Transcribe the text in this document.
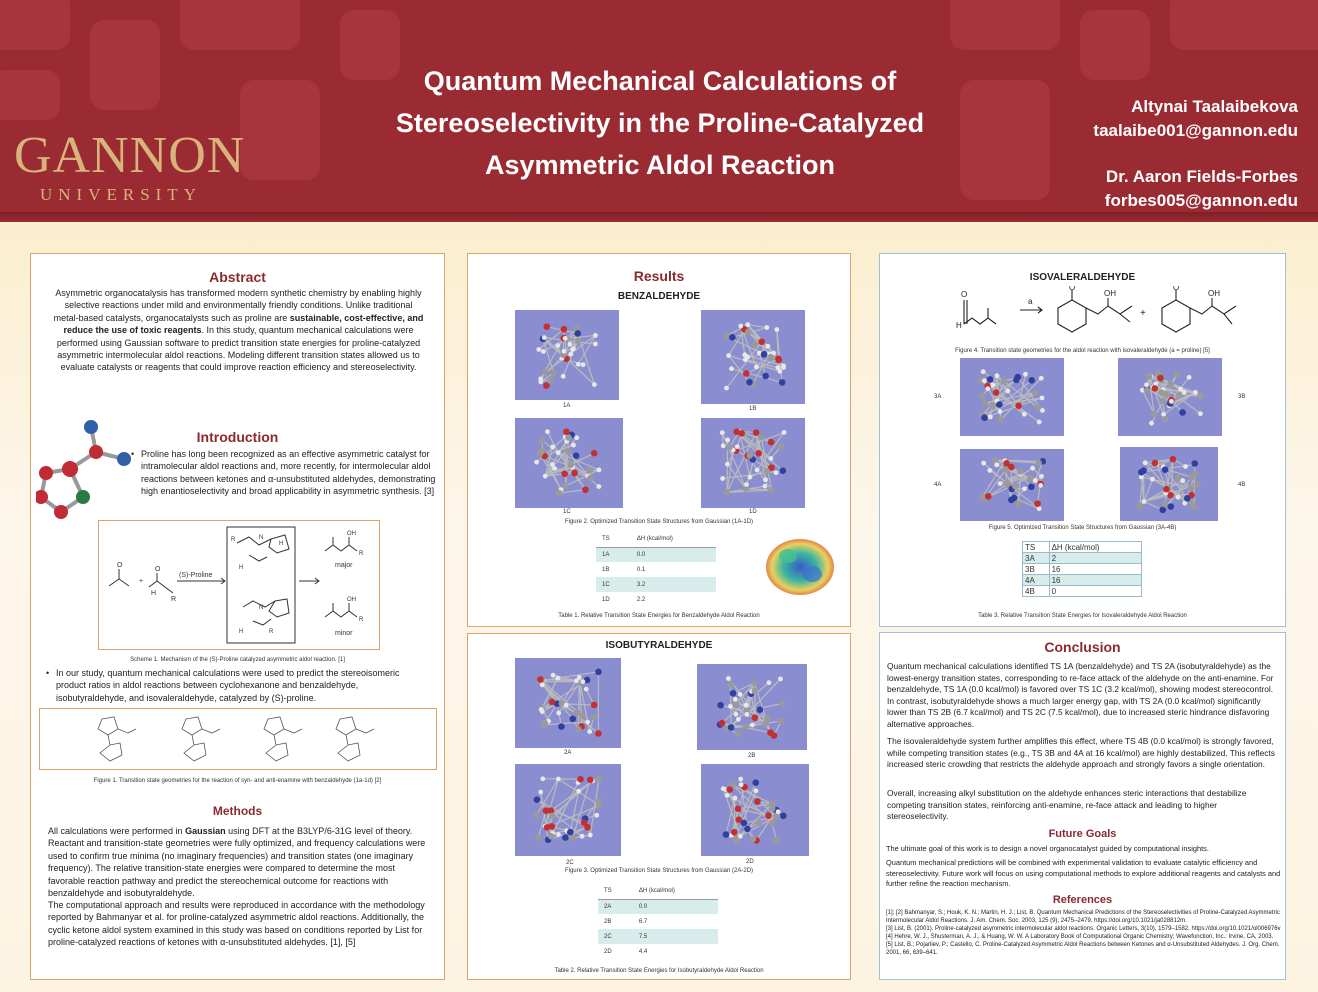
GANNON
UNIVERSITY
Quantum Mechanical Calculations of
Stereoselectivity in the Proline-Catalyzed
Asymmetric Aldol Reaction
Altynai Taalaibekova
taalaibe001@gannon.edu
Dr. Aaron Fields-Forbes
forbes005@gannon.edu
Abstract
Asymmetric organocatalysis has transformed modern synthetic chemistry by enabling highly selective reactions under mild and environmentally friendly conditions. Unlike traditional metal-based catalysts, organocatalysts such as proline are sustainable, cost-effective, and reduce the use of toxic reagents. In this study, quantum mechanical calculations were performed using Gaussian software to predict transition state energies for proline-catalyzed asymmetric intermolecular aldol reactions. Modeling different transition states allowed us to evaluate catalysts or reagents that could improve reaction efficiency and stereoselectivity.
Introduction
• Proline has long been recognized as an effective asymmetric catalyst for intramolecular aldol reactions and, more recently, for intermolecular aldol reactions between ketones and α-unsubstituted aldehydes, demonstrating high enantioselectivity and broad applicability in asymmetric synthesis. [3]
O
+
O
H
R
(S)-Proline
R	N
H
H
N
H	R
OH
R
major
OH
R
minor
Scheme 1. Mechanism of the (S)-Proline catalyzed asymmetric aldol reaction. [1]
• In our study, quantum mechanical calculations were used to predict the stereoisomeric product ratios in aldol reactions between cyclohexanone and benzaldehyde, isobutyraldehyde, and isovaleraldehyde, catalyzed by (S)-proline.
Figure 1. Transition state geometries for the reaction of syn- and anti-enamine with benzaldehyde (1a-1d) [2]
Methods
All calculations were performed in Gaussian using DFT at the B3LYP/6-31G level of theory. Reactant and transition-state geometries were fully optimized, and frequency calculations were used to confirm true minima (no imaginary frequencies) and transition states (one imaginary frequency). The relative transition-state energies were compared to determine the most favorable reaction pathway and predict the stereochemical outcome for reactions with benzaldehyde and isobutyraldehyde.
The computational approach and results were reproduced in accordance with the methodology reported by Bahmanyar et al. for proline-catalyzed asymmetric aldol reactions. Additionally, the cyclic ketone aldol system examined in this study was based on conditions reported by List for proline-catalyzed reactions of ketones with α-unsubstituted aldehydes. [1], [5]
Results
BENZALDEHYDE
1A	1B
1C	1D
Figure 2. Optimized Transition State Structures from Gaussian (1A-1D)
TS	ΔH (kcal/mol)
1A	0.0
1B	0.1
1C	3.2
1D	2.2
Table 1. Relative Transition State Energies for Benzaldehyde Aldol Reaction
ISOBUTYRALDEHYDE
2A	2B
2C	2D
Figure 3. Optimized Transition State Structures from Gaussian (2A-2D)
TS	ΔH (kcal/mol)
2A	0.0
2B	6.7
2C	7.5
2D	4.4
Table 2. Relative Transition State Energies for Isobutyraldehyde Aldol Reaction
ISOVALERALDEHYDE
O
H
a
O
OH
+
O
OH
Figure 4. Transition state geometries for the aldol reaction with isovaleraldehyde (a = proline) [5]
3A	3B
4A	4B
Figure 5. Optimized Transition State Structures from Gaussian (3A-4B)
TS	ΔH (kcal/mol)
3A	2
3B	16
4A	16
4B	0
Table 3. Relative Transition State Energies for Isovaleraldehyde Aldol Reaction
Conclusion
Quantum mechanical calculations identified TS 1A (benzaldehyde) and TS 2A (isobutyraldehyde) as the lowest-energy transition states, corresponding to re-face attack of the aldehyde on the anti-enamine. For benzaldehyde, TS 1A (0.0 kcal/mol) is favored over TS 1C (3.2 kcal/mol), showing modest stereocontrol. In contrast, isobutyraldehyde shows a much larger energy gap, with TS 2A (0.0 kcal/mol) significantly lower than TS 2B (6.7 kcal/mol) and TS 2C (7.5 kcal/mol), due to increased steric hindrance disfavoring alternative approaches.
The isovaleraldehyde system further amplifies this effect, where TS 4B (0.0 kcal/mol) is strongly favored, while competing transition states (e.g., TS 3B and 4A at 16 kcal/mol) are highly destabilized. This reflects increased steric crowding that restricts the aldehyde approach and strongly favors a single orientation.
Overall, increasing alkyl substitution on the aldehyde enhances steric interactions that destabilize competing transition states, reinforcing anti-enamine, re-face attack and leading to higher stereoselectivity.
Future Goals
The ultimate goal of this work is to design a novel organocatalyst guided by computational insights.
Quantum mechanical predictions will be combined with experimental validation to evaluate catalytic efficiency and stereoselectivity. Future work will focus on using computational methods to explore additional reagents and catalysts and further refine the reaction mechanism.
References
[1]; [2] Bahmanyar, S.; Houk, K. N.; Martin, H. J.; List, B. Quantum Mechanical Predictions of the Stereoselectivities of Proline-Catalyzed Asymmetric Intermolecular Aldol Reactions. J. Am. Chem. Soc. 2003, 125 (9), 2475–2479. https://doi.org/10.1021/ja028812m.
[3] List, B. (2001). Proline-catalyzed asymmetric intermolecular aldol reactions. Organic Letters, 3(10), 1579–1582. https://doi.org/10.1021/ol006976v
[4] Hehre, W. J., Shusterman, A. J., & Huang, W. W. A Laboratory Book of Computational Organic Chemistry; Wavefunction, Inc.: Irvine, CA, 2003.
[5] List, B.; Pojarliev, P.; Castello, C. Proline-Catalyzed Asymmetric Aldol Reactions between Ketones and α-Unsubstituted Aldehydes. J. Org. Chem. 2001, 66, 639–641.
